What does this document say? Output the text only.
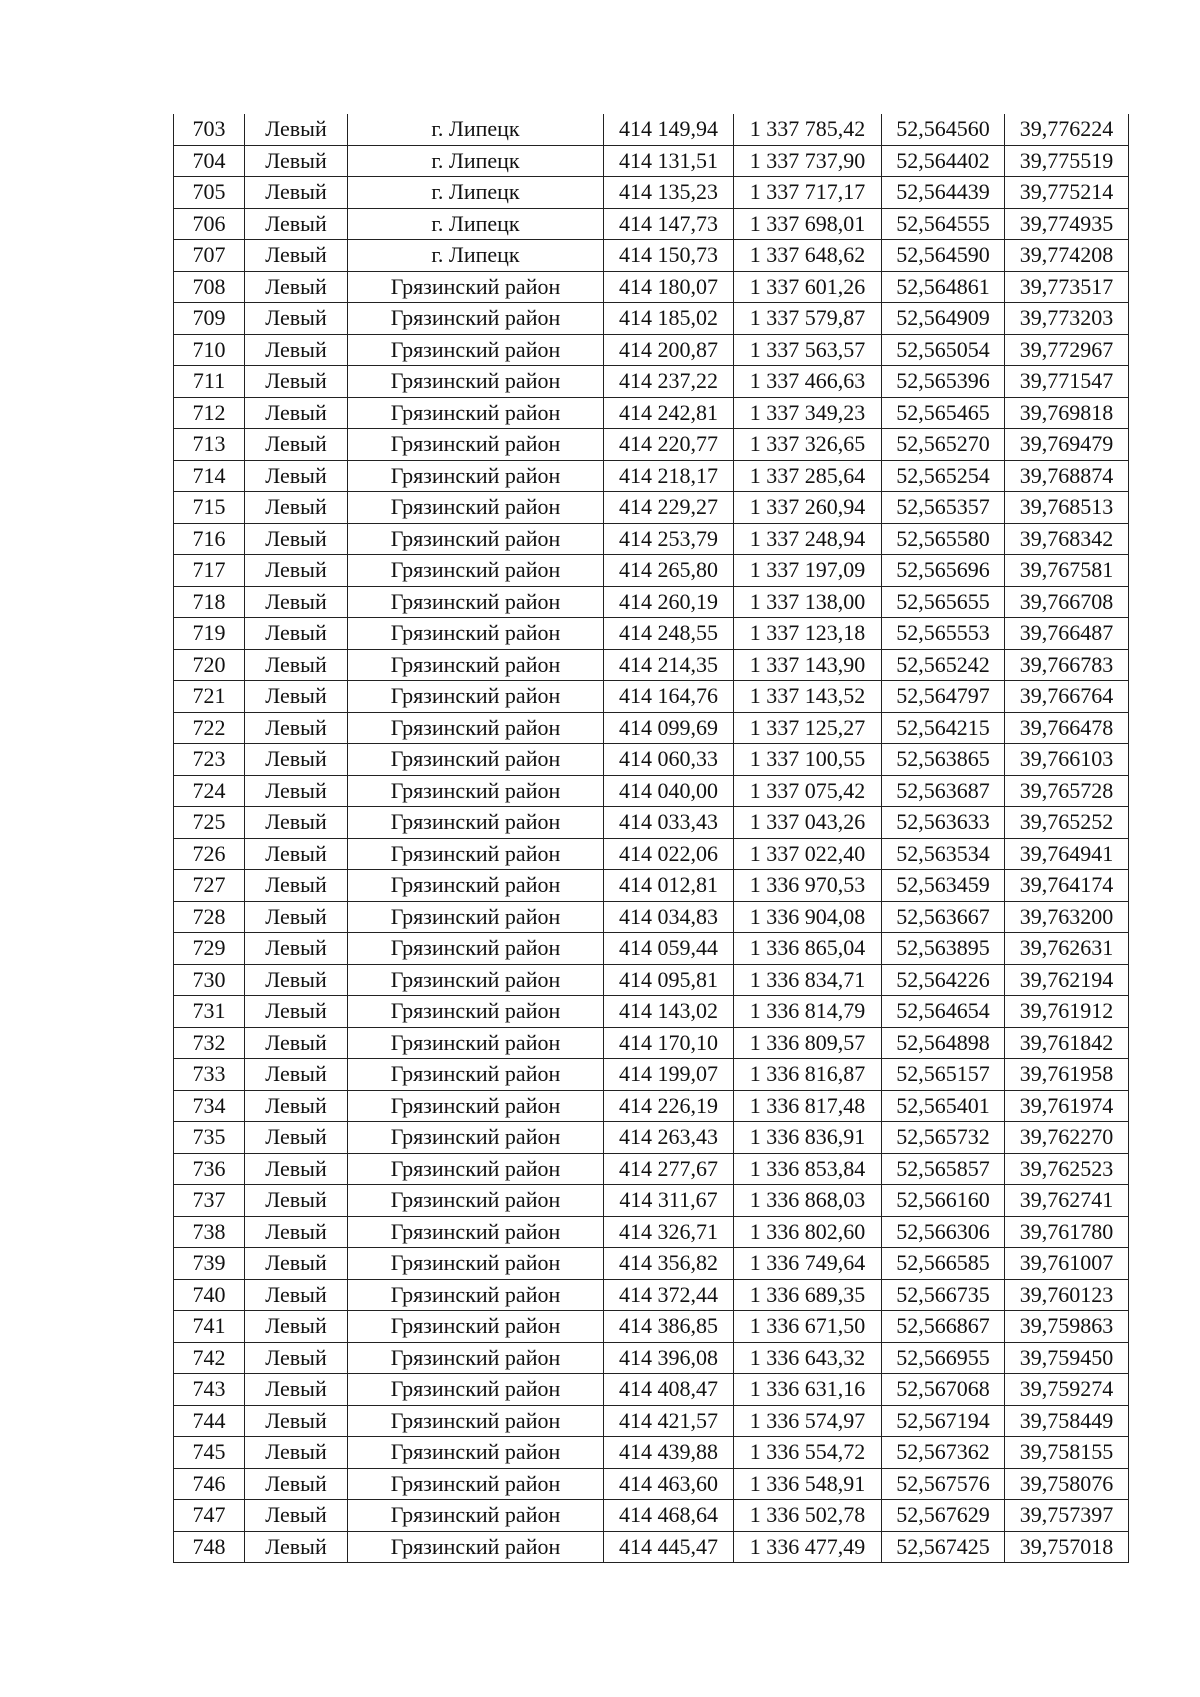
703	Левый	г. Липецк	414 149,94	1 337 785,42	52,564560	39,776224
704	Левый	г. Липецк	414 131,51	1 337 737,90	52,564402	39,775519
705	Левый	г. Липецк	414 135,23	1 337 717,17	52,564439	39,775214
706	Левый	г. Липецк	414 147,73	1 337 698,01	52,564555	39,774935
707	Левый	г. Липецк	414 150,73	1 337 648,62	52,564590	39,774208
708	Левый	Грязинский район	414 180,07	1 337 601,26	52,564861	39,773517
709	Левый	Грязинский район	414 185,02	1 337 579,87	52,564909	39,773203
710	Левый	Грязинский район	414 200,87	1 337 563,57	52,565054	39,772967
711	Левый	Грязинский район	414 237,22	1 337 466,63	52,565396	39,771547
712	Левый	Грязинский район	414 242,81	1 337 349,23	52,565465	39,769818
713	Левый	Грязинский район	414 220,77	1 337 326,65	52,565270	39,769479
714	Левый	Грязинский район	414 218,17	1 337 285,64	52,565254	39,768874
715	Левый	Грязинский район	414 229,27	1 337 260,94	52,565357	39,768513
716	Левый	Грязинский район	414 253,79	1 337 248,94	52,565580	39,768342
717	Левый	Грязинский район	414 265,80	1 337 197,09	52,565696	39,767581
718	Левый	Грязинский район	414 260,19	1 337 138,00	52,565655	39,766708
719	Левый	Грязинский район	414 248,55	1 337 123,18	52,565553	39,766487
720	Левый	Грязинский район	414 214,35	1 337 143,90	52,565242	39,766783
721	Левый	Грязинский район	414 164,76	1 337 143,52	52,564797	39,766764
722	Левый	Грязинский район	414 099,69	1 337 125,27	52,564215	39,766478
723	Левый	Грязинский район	414 060,33	1 337 100,55	52,563865	39,766103
724	Левый	Грязинский район	414 040,00	1 337 075,42	52,563687	39,765728
725	Левый	Грязинский район	414 033,43	1 337 043,26	52,563633	39,765252
726	Левый	Грязинский район	414 022,06	1 337 022,40	52,563534	39,764941
727	Левый	Грязинский район	414 012,81	1 336 970,53	52,563459	39,764174
728	Левый	Грязинский район	414 034,83	1 336 904,08	52,563667	39,763200
729	Левый	Грязинский район	414 059,44	1 336 865,04	52,563895	39,762631
730	Левый	Грязинский район	414 095,81	1 336 834,71	52,564226	39,762194
731	Левый	Грязинский район	414 143,02	1 336 814,79	52,564654	39,761912
732	Левый	Грязинский район	414 170,10	1 336 809,57	52,564898	39,761842
733	Левый	Грязинский район	414 199,07	1 336 816,87	52,565157	39,761958
734	Левый	Грязинский район	414 226,19	1 336 817,48	52,565401	39,761974
735	Левый	Грязинский район	414 263,43	1 336 836,91	52,565732	39,762270
736	Левый	Грязинский район	414 277,67	1 336 853,84	52,565857	39,762523
737	Левый	Грязинский район	414 311,67	1 336 868,03	52,566160	39,762741
738	Левый	Грязинский район	414 326,71	1 336 802,60	52,566306	39,761780
739	Левый	Грязинский район	414 356,82	1 336 749,64	52,566585	39,761007
740	Левый	Грязинский район	414 372,44	1 336 689,35	52,566735	39,760123
741	Левый	Грязинский район	414 386,85	1 336 671,50	52,566867	39,759863
742	Левый	Грязинский район	414 396,08	1 336 643,32	52,566955	39,759450
743	Левый	Грязинский район	414 408,47	1 336 631,16	52,567068	39,759274
744	Левый	Грязинский район	414 421,57	1 336 574,97	52,567194	39,758449
745	Левый	Грязинский район	414 439,88	1 336 554,72	52,567362	39,758155
746	Левый	Грязинский район	414 463,60	1 336 548,91	52,567576	39,758076
747	Левый	Грязинский район	414 468,64	1 336 502,78	52,567629	39,757397
748	Левый	Грязинский район	414 445,47	1 336 477,49	52,567425	39,757018
